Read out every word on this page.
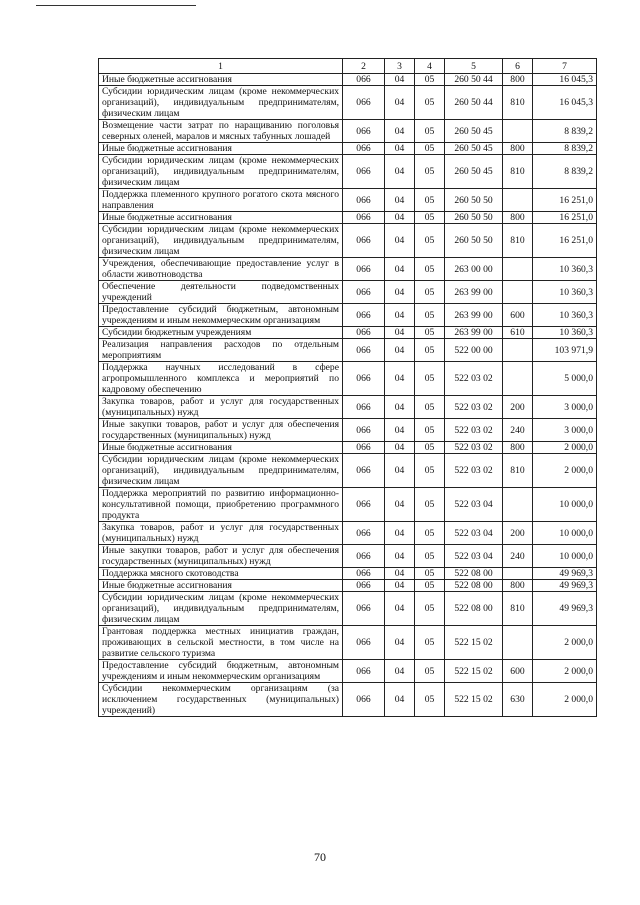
1	2	3	4	5	6	7
Иные бюджетные ассигнования	066	04	05	260 50 44	800	16 045,3
Субсидии юридическим лицам (кроме некоммерческих организаций), индивидуальным предпринимателям, физическим лицам	066	04	05	260 50 44	810	16 045,3
Возмещение части затрат по наращиванию поголовья северных оленей, маралов и мясных табунных лошадей	066	04	05	260 50 45		8 839,2
Иные бюджетные ассигнования	066	04	05	260 50 45	800	8 839,2
Субсидии юридическим лицам (кроме некоммерческих организаций), индивидуальным предпринимателям, физическим лицам	066	04	05	260 50 45	810	8 839,2
Поддержка племенного крупного рогатого скота мясного направления	066	04	05	260 50 50		16 251,0
Иные бюджетные ассигнования	066	04	05	260 50 50	800	16 251,0
Субсидии юридическим лицам (кроме некоммерческих организаций), индивидуальным предпринимателям, физическим лицам	066	04	05	260 50 50	810	16 251,0
Учреждения, обеспечивающие предоставление услуг в области животноводства	066	04	05	263 00 00		10 360,3
Обеспечение деятельности подведомственных учреждений	066	04	05	263 99 00		10 360,3
Предоставление субсидий бюджетным, автономным учреждениям и иным некоммерческим организациям	066	04	05	263 99 00	600	10 360,3
Субсидии бюджетным учреждениям	066	04	05	263 99 00	610	10 360,3
Реализация направления расходов по отдельным мероприятиям	066	04	05	522 00 00		103 971,9
Поддержка научных исследований в сфере агропромышленного комплекса и мероприятий по кадровому обеспечению	066	04	05	522 03 02		5 000,0
Закупка товаров, работ и услуг для государственных (муниципальных) нужд	066	04	05	522 03 02	200	3 000,0
Иные закупки товаров, работ и услуг для обеспечения государственных (муниципальных) нужд	066	04	05	522 03 02	240	3 000,0
Иные бюджетные ассигнования	066	04	05	522 03 02	800	2 000,0
Субсидии юридическим лицам (кроме некоммерческих организаций), индивидуальным предпринимателям, физическим лицам	066	04	05	522 03 02	810	2 000,0
Поддержка мероприятий по развитию информационно-консультативной помощи, приобретению программного продукта	066	04	05	522 03 04		10 000,0
Закупка товаров, работ и услуг для государственных (муниципальных) нужд	066	04	05	522 03 04	200	10 000,0
Иные закупки товаров, работ и услуг для обеспечения государственных (муниципальных) нужд	066	04	05	522 03 04	240	10 000,0
Поддержка мясного скотоводства	066	04	05	522 08 00		49 969,3
Иные бюджетные ассигнования	066	04	05	522 08 00	800	49 969,3
Субсидии юридическим лицам (кроме некоммерческих организаций), индивидуальным предпринимателям, физическим лицам	066	04	05	522 08 00	810	49 969,3
Грантовая поддержка местных инициатив граждан, проживающих в сельской местности, в том числе на развитие сельского туризма	066	04	05	522 15 02		2 000,0
Предоставление субсидий бюджетным, автономным учреждениям и иным некоммерческим организациям	066	04	05	522 15 02	600	2 000,0
Субсидии некоммерческим организациям (за исключением государственных (муниципальных) учреждений)	066	04	05	522 15 02	630	2 000,0
70
